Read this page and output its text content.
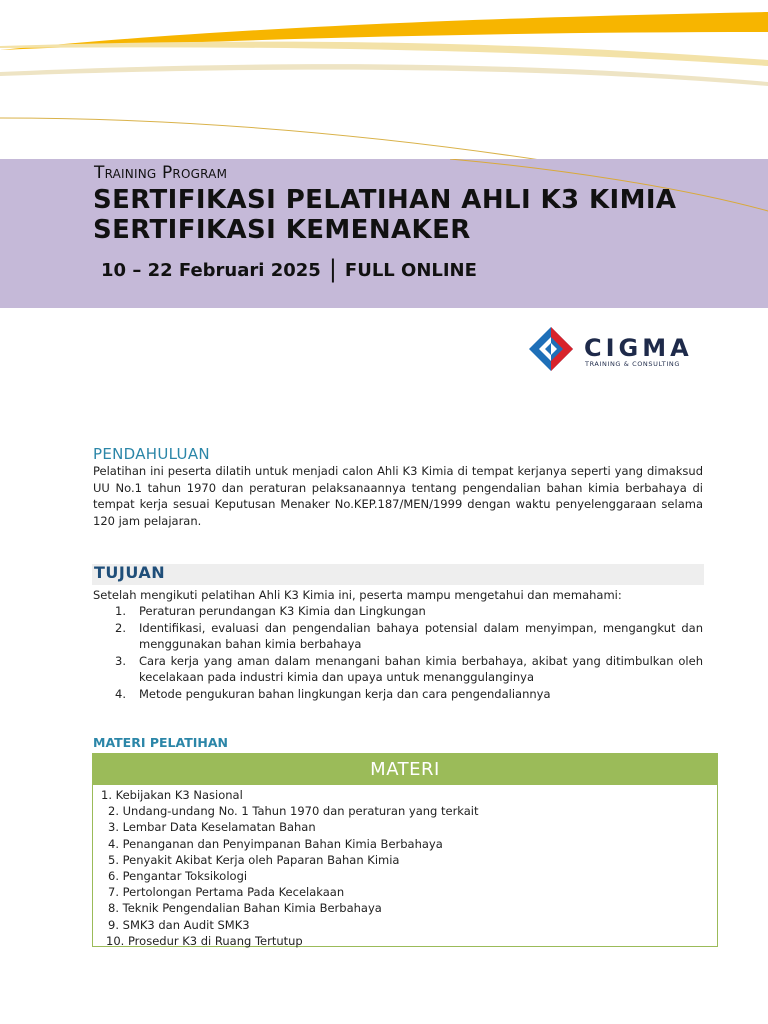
Training Program
SERTIFIKASI PELATIHAN AHLI K3 KIMIA
SERTIFIKASI KEMENAKER
10 – 22 Februari 2025 | FULL ONLINE
CIGMA
TRAINING & CONSULTING
PENDAHULUAN
Pelatihan ini peserta dilatih untuk menjadi calon Ahli K3 Kimia di tempat kerjanya seperti yang dimaksud UU No.1 tahun 1970 dan peraturan pelaksanaannya tentang pengendalian bahan kimia berbahaya di tempat kerja sesuai Keputusan Menaker No.KEP.187/MEN/1999 dengan waktu penyelenggaraan selama 120 jam pelajaran.
TUJUAN
Setelah mengikuti pelatihan Ahli K3 Kimia ini, peserta mampu mengetahui dan memahami:
1. Peraturan perundangan K3 Kimia dan Lingkungan
2. Identifikasi, evaluasi dan pengendalian bahaya potensial dalam menyimpan, mengangkut dan menggunakan bahan kimia berbahaya
3. Cara kerja yang aman dalam menangani bahan kimia berbahaya, akibat yang ditimbulkan oleh kecelakaan pada industri kimia dan upaya untuk menanggulanginya
4. Metode pengukuran bahan lingkungan kerja dan cara pengendaliannya
MATERI PELATIHAN
MATERI
1. Kebijakan K3 Nasional
2. Undang-undang No. 1 Tahun 1970 dan peraturan yang terkait
3. Lembar Data Keselamatan Bahan
4. Penanganan dan Penyimpanan Bahan Kimia Berbahaya
5. Penyakit Akibat Kerja oleh Paparan Bahan Kimia
6. Pengantar Toksikologi
7. Pertolongan Pertama Pada Kecelakaan
8. Teknik Pengendalian Bahan Kimia Berbahaya
9. SMK3 dan Audit SMK3
10. Prosedur K3 di Ruang Tertutup
